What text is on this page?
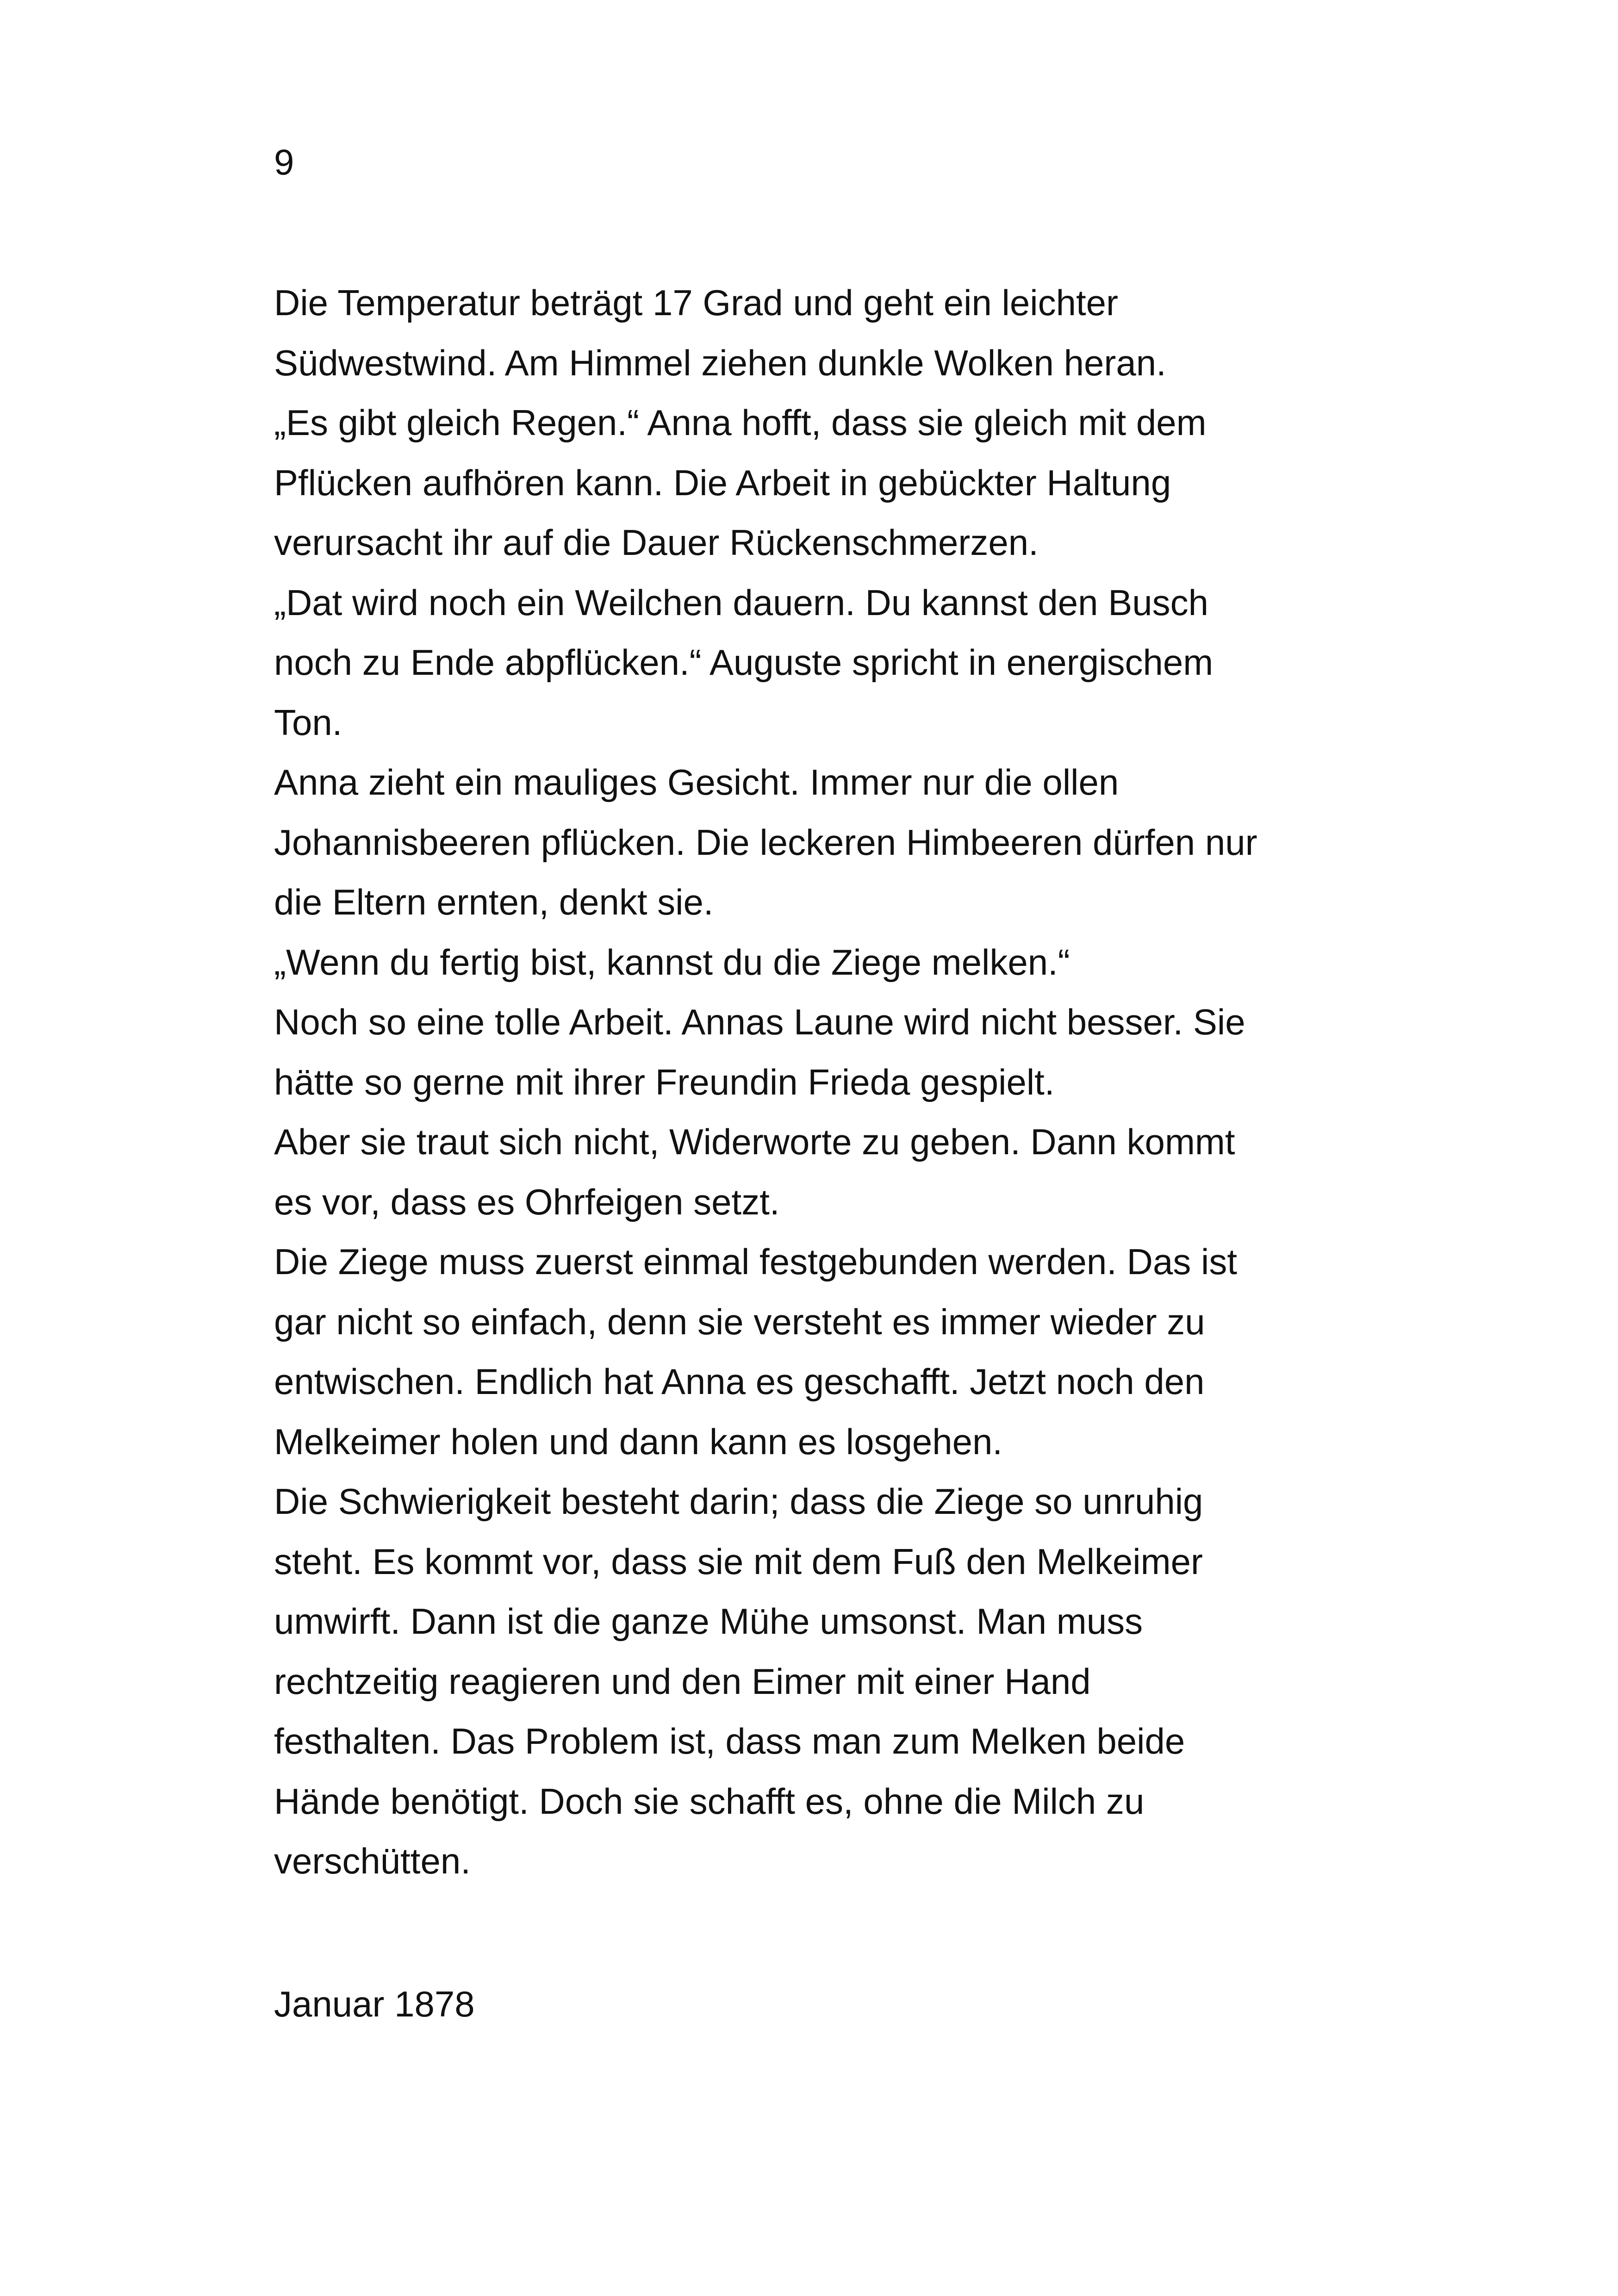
9

Die Temperatur beträgt 17 Grad und geht ein leichter
Südwestwind. Am Himmel ziehen dunkle Wolken heran.
„Es gibt gleich Regen.“ Anna hofft, dass sie gleich mit dem
Pflücken aufhören kann. Die Arbeit in gebückter Haltung
verursacht ihr auf die Dauer Rückenschmerzen.
„Dat wird noch ein Weilchen dauern. Du kannst den Busch
noch zu Ende abpflücken.“ Auguste spricht in energischem
Ton.
Anna zieht ein mauliges Gesicht. Immer nur die ollen
Johannisbeeren pflücken. Die leckeren Himbeeren dürfen nur
die Eltern ernten, denkt sie.
„Wenn du fertig bist, kannst du die Ziege melken.“
Noch so eine tolle Arbeit. Annas Laune wird nicht besser. Sie
hätte so gerne mit ihrer Freundin Frieda gespielt.
Aber sie traut sich nicht, Widerworte zu geben. Dann kommt
es vor, dass es Ohrfeigen setzt.
Die Ziege muss zuerst einmal festgebunden werden. Das ist
gar nicht so einfach, denn sie versteht es immer wieder zu
entwischen. Endlich hat Anna es geschafft. Jetzt noch den
Melkeimer holen und dann kann es losgehen.
Die Schwierigkeit besteht darin; dass die Ziege so unruhig
steht. Es kommt vor, dass sie mit dem Fuß den Melkeimer
umwirft. Dann ist die ganze Mühe umsonst. Man muss
rechtzeitig reagieren und den Eimer mit einer Hand
festhalten. Das Problem ist, dass man zum Melken beide
Hände benötigt. Doch sie schafft es, ohne die Milch zu
verschütten.

Januar 1878
